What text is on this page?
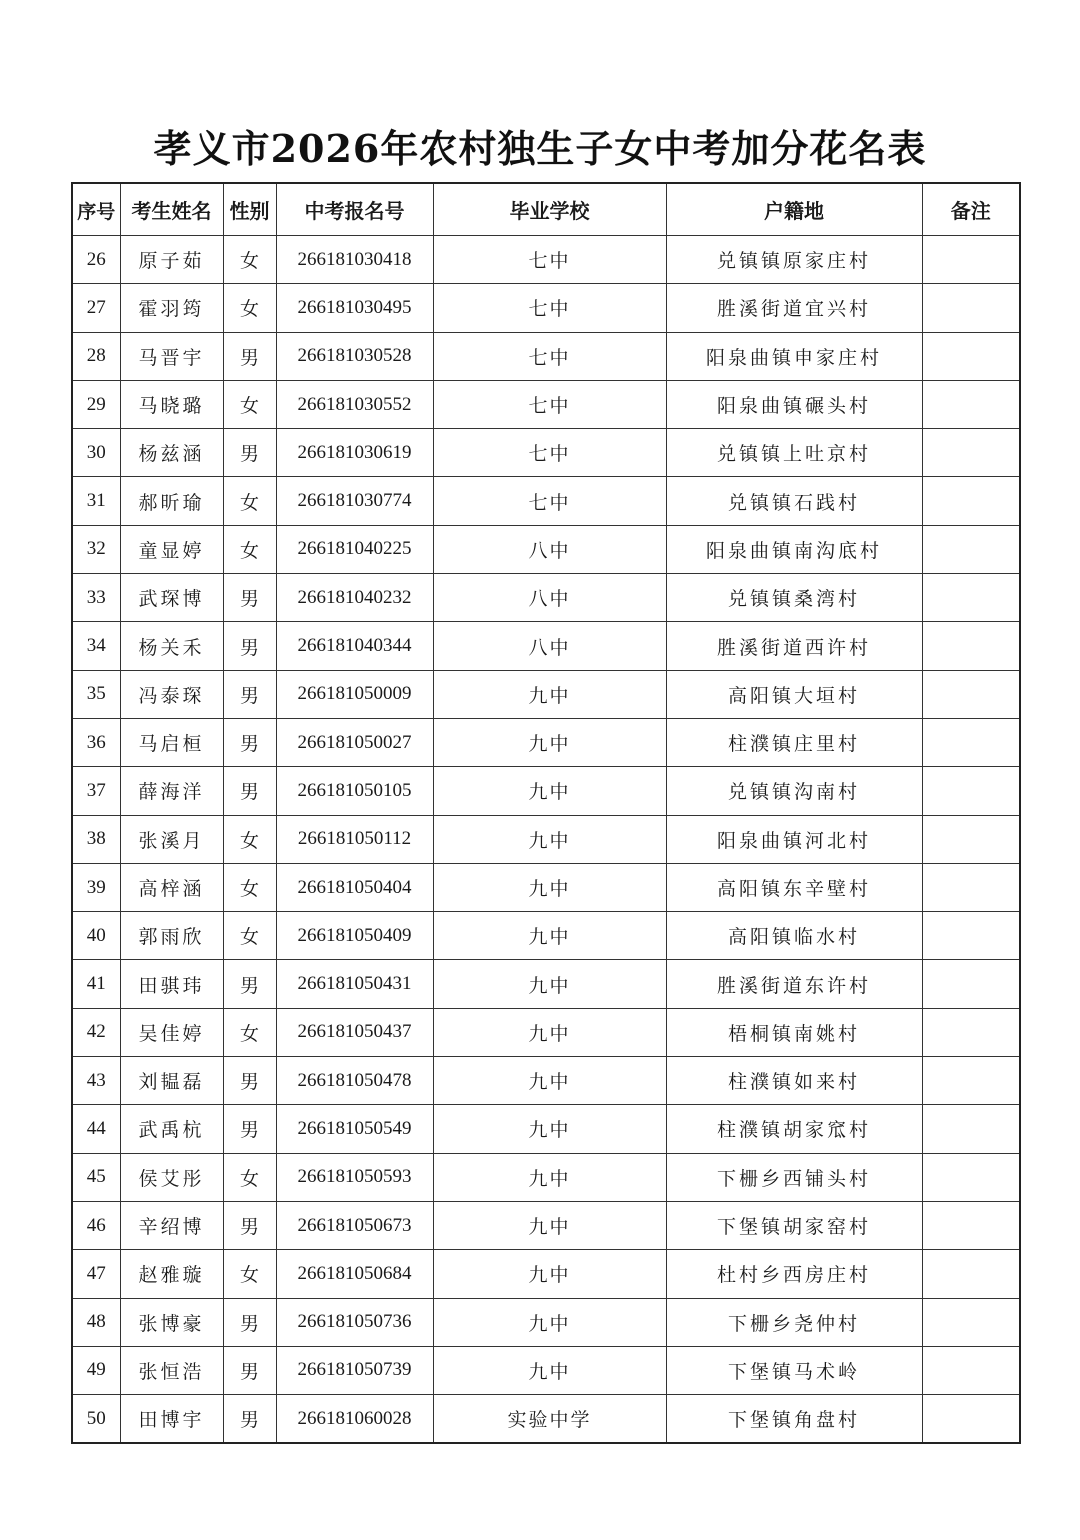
孝义市2026年农村独生子女中考加分花名表
序号	考生姓名	性别	中考报名号	毕业学校	户籍地	备注
26	原子茹	女	266181030418	七中	兑镇镇原家庄村	
27	霍羽筠	女	266181030495	七中	胜溪街道宜兴村	
28	马晋宇	男	266181030528	七中	阳泉曲镇申家庄村	
29	马晓璐	女	266181030552	七中	阳泉曲镇碾头村	
30	杨兹涵	男	266181030619	七中	兑镇镇上吐京村	
31	郝昕瑜	女	266181030774	七中	兑镇镇石践村	
32	童显婷	女	266181040225	八中	阳泉曲镇南沟底村	
33	武琛博	男	266181040232	八中	兑镇镇桑湾村	
34	杨关禾	男	266181040344	八中	胜溪街道西许村	
35	冯泰琛	男	266181050009	九中	高阳镇大垣村	
36	马启桓	男	266181050027	九中	柱濮镇庄里村	
37	薛海洋	男	266181050105	九中	兑镇镇沟南村	
38	张溪月	女	266181050112	九中	阳泉曲镇河北村	
39	高梓涵	女	266181050404	九中	高阳镇东辛壁村	
40	郭雨欣	女	266181050409	九中	高阳镇临水村	
41	田骐玮	男	266181050431	九中	胜溪街道东许村	
42	吴佳婷	女	266181050437	九中	梧桐镇南姚村	
43	刘韫磊	男	266181050478	九中	柱濮镇如来村	
44	武禹杭	男	266181050549	九中	柱濮镇胡家窊村	
45	侯艾彤	女	266181050593	九中	下栅乡西铺头村	
46	辛绍博	男	266181050673	九中	下堡镇胡家窑村	
47	赵雅璇	女	266181050684	九中	杜村乡西房庄村	
48	张博豪	男	266181050736	九中	下栅乡尧仲村	
49	张恒浩	男	266181050739	九中	下堡镇马术岭	
50	田博宇	男	266181060028	实验中学	下堡镇角盘村	
